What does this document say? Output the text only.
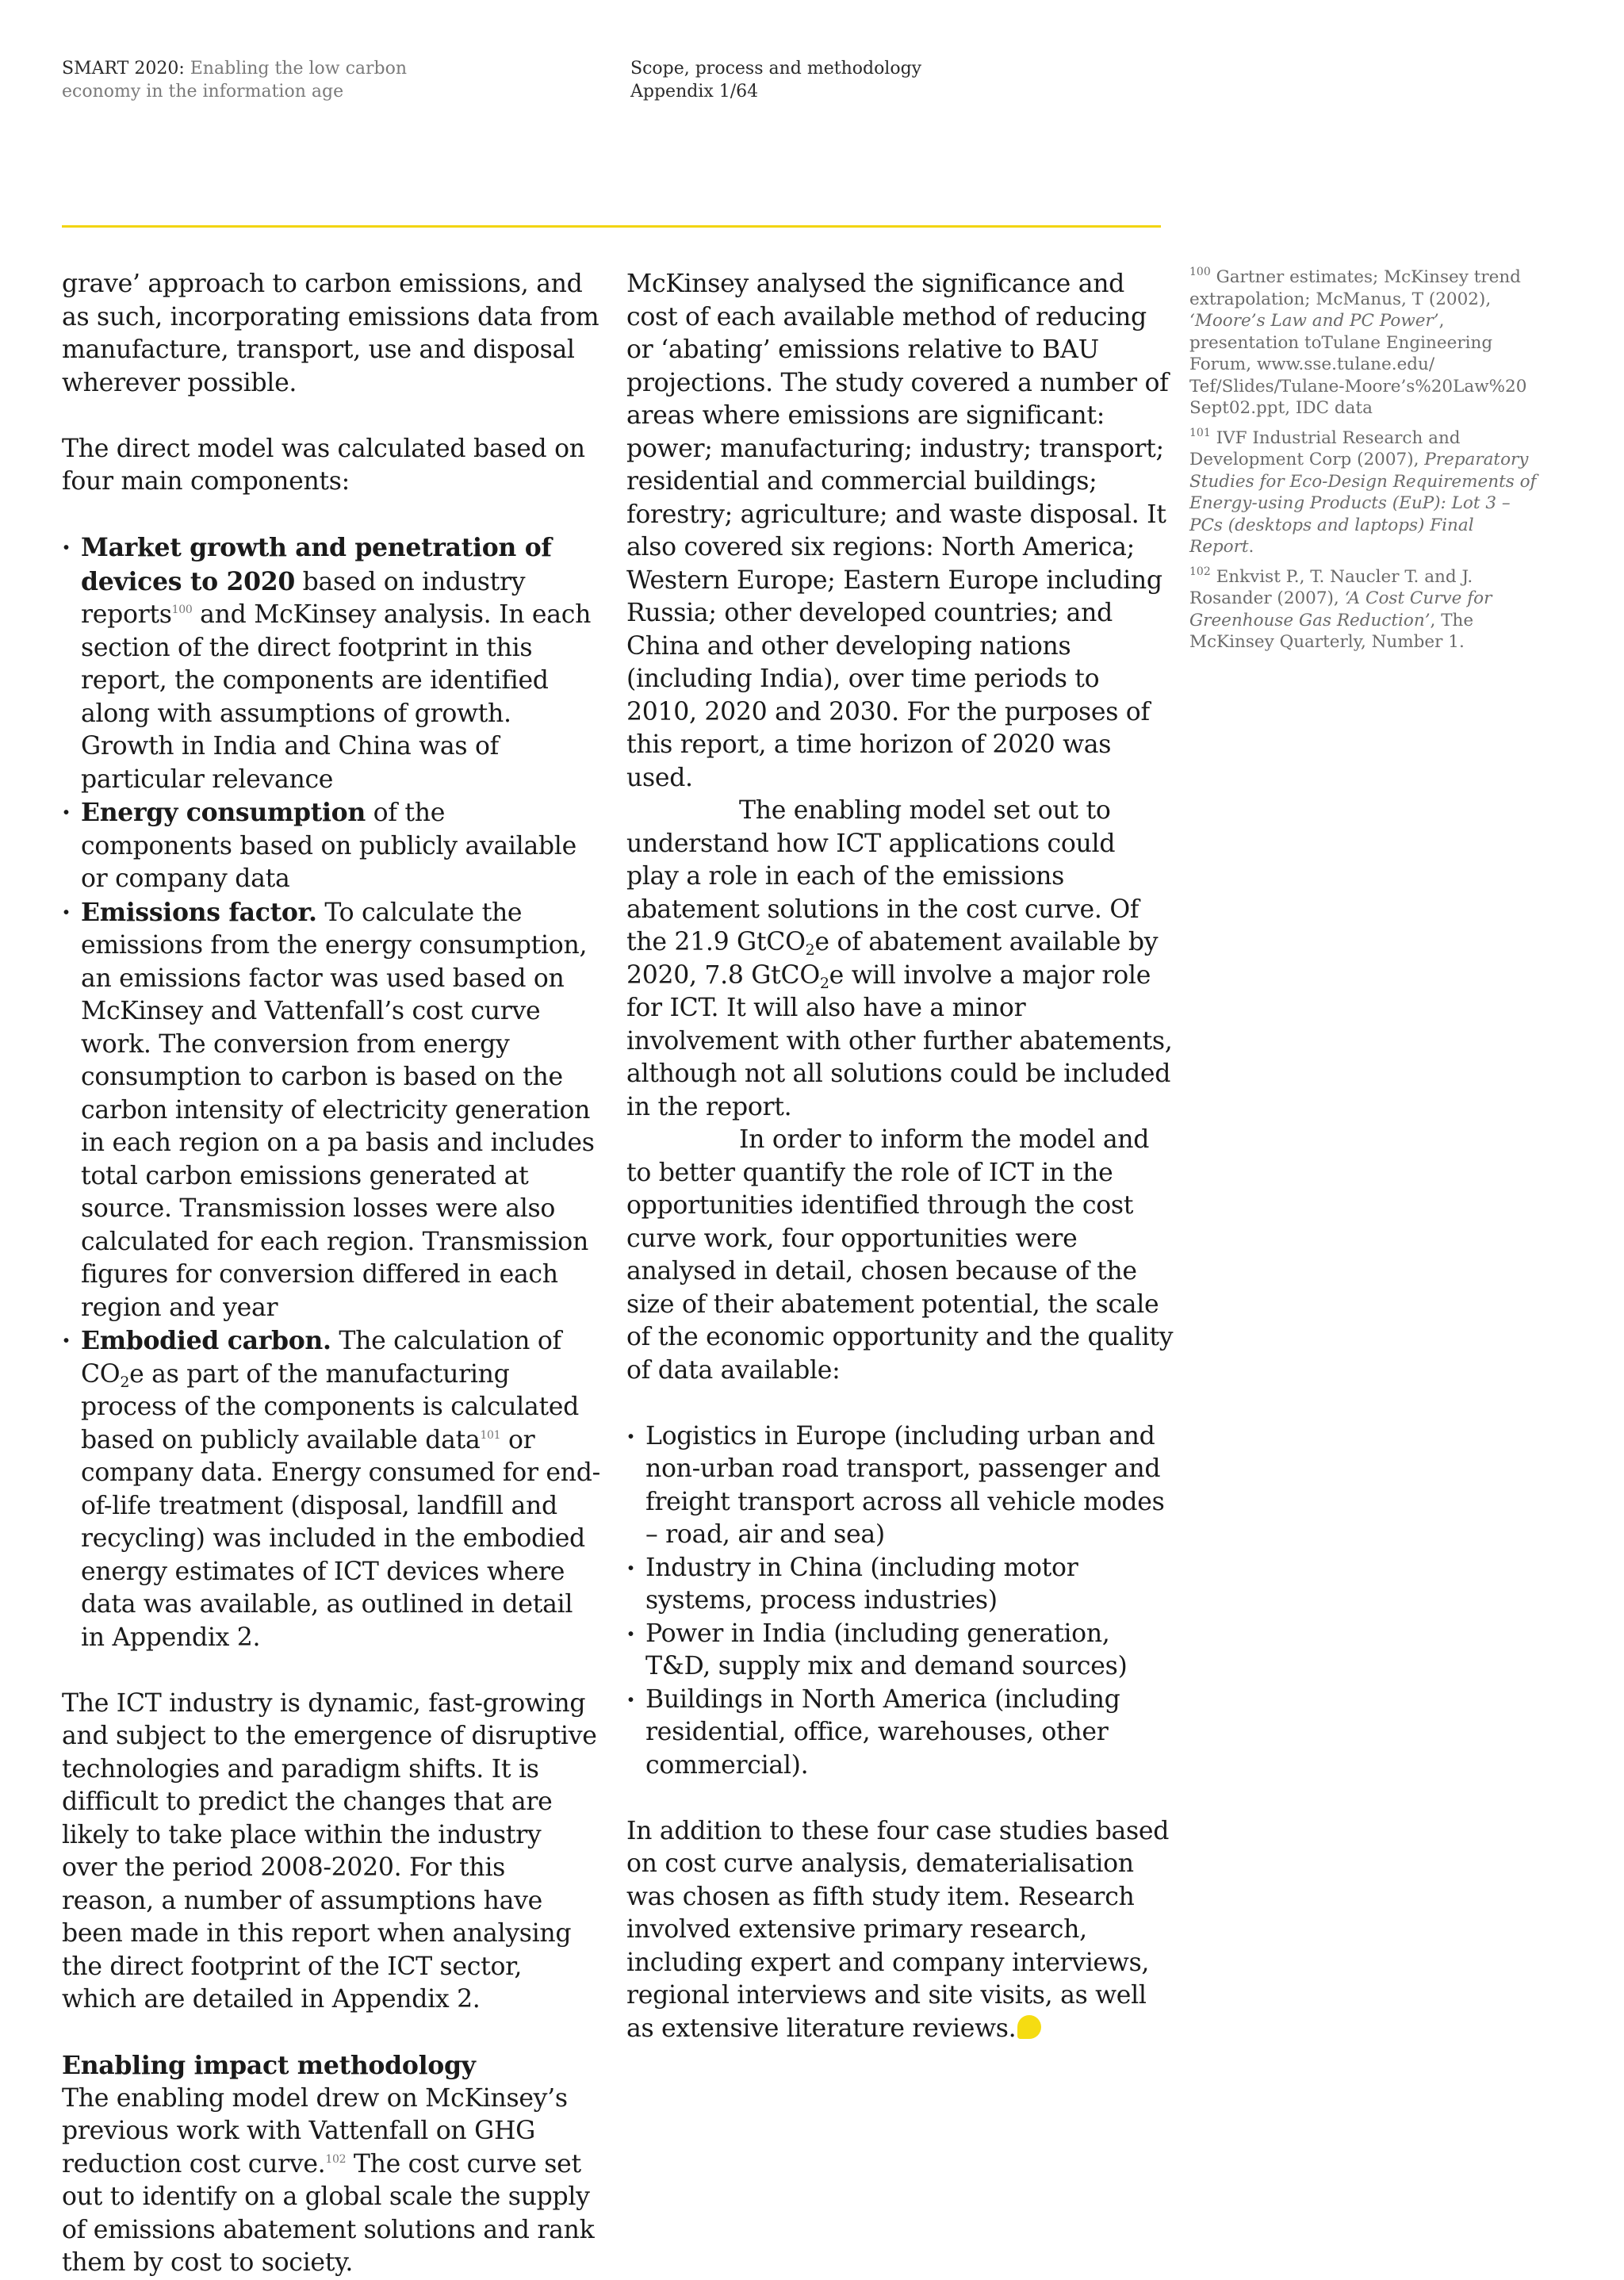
SMART 2020: Enabling the low carbon
economy in the information age
Scope, process and methodology
Appendix 1/64

grave’ approach to carbon emissions, and as such, incorporating emissions data from manufacture, transport, use and disposal wherever possible.

The direct model was calculated based on four main components:

· Market growth and penetration of devices to 2020 based on industry reports$^{100}$ and McKinsey analysis. In each section of the direct footprint in this report, the components are identified along with assumptions of growth. Growth in India and China was of particular relevance
· Energy consumption of the components based on publicly available or company data
· Emissions factor. To calculate the emissions from the energy consumption, an emissions factor was used based on McKinsey and Vattenfall’s cost curve work. The conversion from energy consumption to carbon is based on the carbon intensity of electricity generation in each region on a pa basis and includes total carbon emissions generated at source. Transmission losses were also calculated for each region. Transmission figures for conversion differed in each region and year
· Embodied carbon. The calculation of $CO_2e$ as part of the manufacturing process of the components is calculated based on publicly available data$^{101}$ or company data. Energy consumed for end-of-life treatment (disposal, landfill and recycling) was included in the embodied energy estimates of ICT devices where data was available, as outlined in detail in Appendix 2.

The ICT industry is dynamic, fast-growing and subject to the emergence of disruptive technologies and paradigm shifts. It is difficult to predict the changes that are likely to take place within the industry over the period 2008-2020. For this reason, a number of assumptions have been made in this report when analysing the direct footprint of the ICT sector, which are detailed in Appendix 2.

Enabling impact methodology

The enabling model drew on McKinsey’s previous work with Vattenfall on GHG reduction cost curve.$^{102}$ The cost curve set out to identify on a global scale the supply of emissions abatement solutions and rank them by cost to society.

McKinsey analysed the significance and cost of each available method of reducing or ‘abating’ emissions relative to BAU projections. The study covered a number of areas where emissions are significant: power; manufacturing; industry; transport; residential and commercial buildings; forestry; agriculture; and waste disposal. It also covered six regions: North America; Western Europe; Eastern Europe including Russia; other developed countries; and China and other developing nations (including India), over time periods to 2010, 2020 and 2030. For the purposes of this report, a time horizon of 2020 was used.

The enabling model set out to understand how ICT applications could play a role in each of the emissions abatement solutions in the cost curve. Of the 21.9 GtCO$_2$e of abatement available by 2020, 7.8 GtCO$_2$e will involve a major role for ICT. It will also have a minor involvement with other further abatements, although not all solutions could be included in the report.

In order to inform the model and to better quantify the role of ICT in the opportunities identified through the cost curve work, four opportunities were analysed in detail, chosen because of the size of their abatement potential, the scale of the economic opportunity and the quality of data available:

· Logistics in Europe (including urban and non-urban road transport, passenger and freight transport across all vehicle modes – road, air and sea)
· Industry in China (including motor systems, process industries)
· Power in India (including generation, T&D, supply mix and demand sources)
· Buildings in North America (including residential, office, warehouses, other commercial).

In addition to these four case studies based on cost curve analysis, dematerialisation was chosen as fifth study item. Research involved extensive primary research, including expert and company interviews, regional interviews and site visits, as well as extensive literature reviews.

$^{100}$ Gartner estimates; McKinsey trend extrapolation; McManus, T (2002), ‘Moore’s Law and PC Power’, presentation toTulane Engineering Forum, www.sse.tulane.edu/ Tef/Slides/Tulane-Moore’s%20Law%20 Sept02.ppt, IDC data

$^{101}$ IVF Industrial Research and Development Corp (2007), Preparatory Studies for Eco-Design Requirements of Energy-using Products (EuP): Lot 3 – PCs (desktops and laptops) Final Report.

$^{102}$ Enkvist P., T. Naucler T. and J. Rosander (2007), ‘A Cost Curve for Greenhouse Gas Reduction’, The McKinsey Quarterly, Number 1.
